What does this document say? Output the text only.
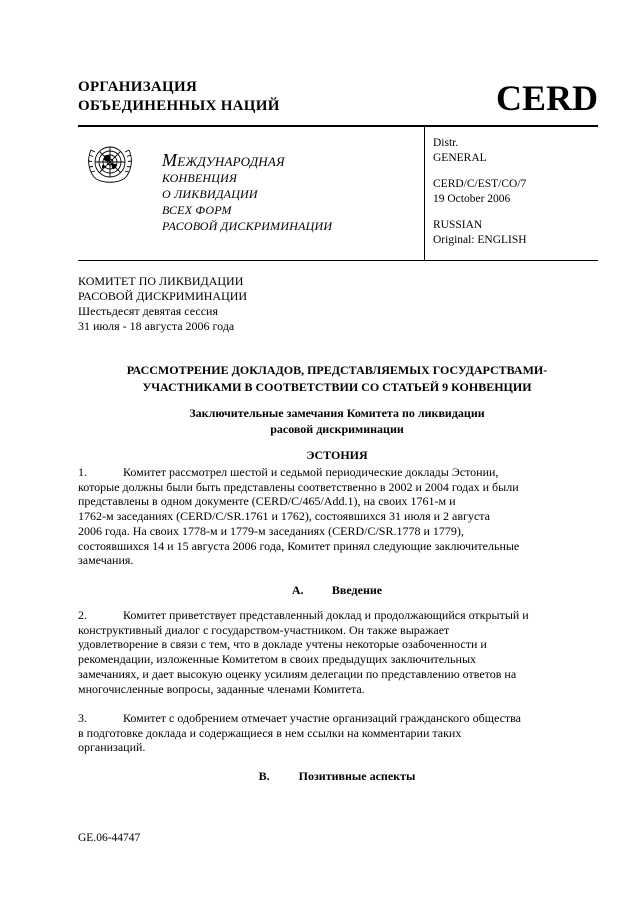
ОРГАНИЗАЦИЯ
ОБЪЕДИНЕННЫХ НАЦИЙ	CERD
МЕЖДУНАРОДНАЯ
КОНВЕНЦИЯ
О ЛИКВИДАЦИИ
ВСЕХ ФОРМ
РАСОВОЙ ДИСКРИМИНАЦИИ
Distr.
GENERAL
CERD/C/EST/CO/7
19 October 2006
RUSSIAN
Original: ENGLISH
КОМИТЕТ ПО ЛИКВИДАЦИИ
РАСОВОЙ ДИСКРИМИНАЦИИ
Шестьдесят девятая сессия
31 июля - 18 августа 2006 года
РАССМОТРЕНИЕ ДОКЛАДОВ, ПРЕДСТАВЛЯЕМЫХ ГОСУДАРСТВАМИ-
УЧАСТНИКАМИ В СООТВЕТСТВИИ СО СТАТЬЕЙ 9 КОНВЕНЦИИ
Заключительные замечания Комитета по ликвидации
расовой дискриминации
ЭСТОНИЯ
1.	Комитет рассмотрел шестой и седьмой периодические доклады Эстонии,
которые должны были быть представлены соответственно в 2002 и 2004 годах и были
представлены в одном документе (CERD/C/465/Add.1), на своих 1761-м и
1762-м заседаниях (CERD/C/SR.1761 и 1762), состоявшихся 31 июля и 2 августа
2006 года. На своих 1778-м и 1779-м заседаниях (CERD/C/SR.1778 и 1779),
состоявшихся 14 и 15 августа 2006 года, Комитет принял следующие заключительные
замечания.
A. Введение
2.	Комитет приветствует представленный доклад и продолжающийся открытый и
конструктивный диалог с государством-участником. Он также выражает
удовлетворение в связи с тем, что в докладе учтены некоторые озабоченности и
рекомендации, изложенные Комитетом в своих предыдущих заключительных
замечаниях, и дает высокую оценку усилиям делегации по представлению ответов на
многочисленные вопросы, заданные членами Комитета.
3.	Комитет с одобрением отмечает участие организаций гражданского общества
в подготовке доклада и содержащиеся в нем ссылки на комментарии таких
организаций.
B. Позитивные аспекты
GE.06-44747
